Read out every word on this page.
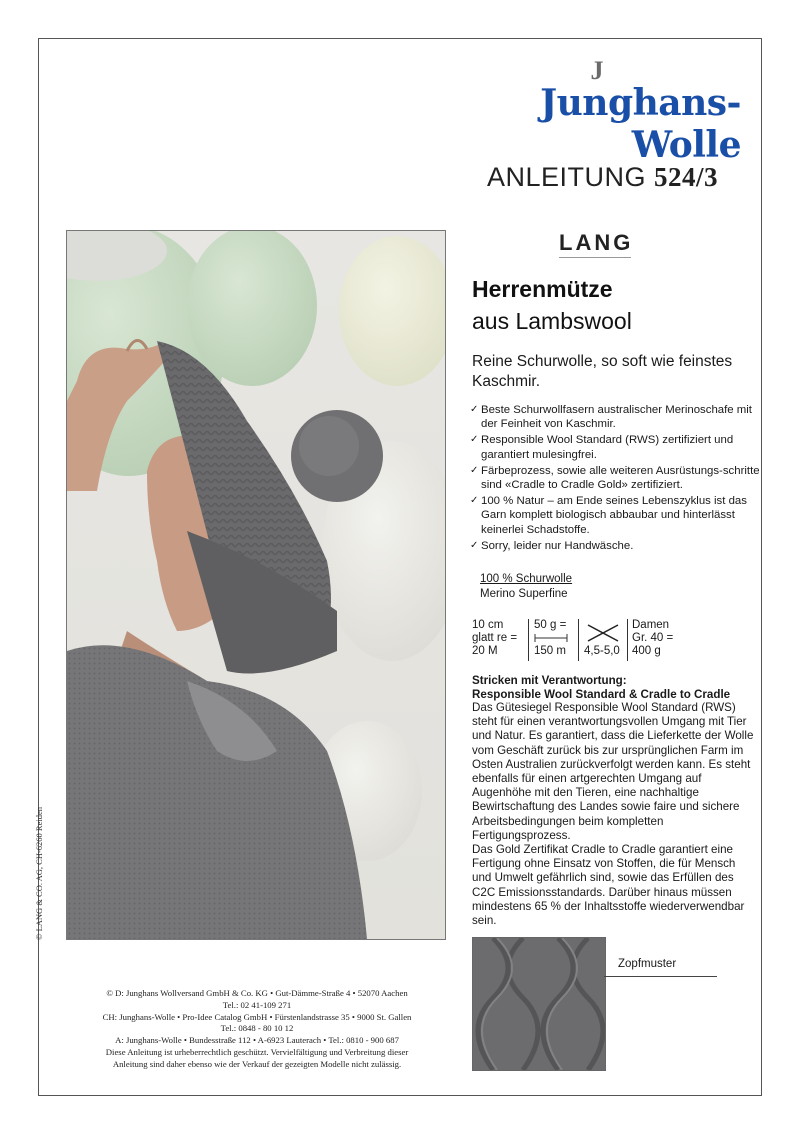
J
Junghans-Wolle
ANLEITUNG 524/3
© LANG & CO. AG, CH-6260 Reiden
LANG
Herrenmütze
aus Lambswool
Reine Schurwolle, so soft wie feinstes Kaschmir.
✓ Beste Schurwollfasern australischer Merinoschafe mit der Feinheit von Kaschmir.
✓ Responsible Wool Standard (RWS) zertifiziert und garantiert mulesingfrei.
✓ Färbeprozess, sowie alle weiteren Ausrüstungs-schritte sind «Cradle to Cradle Gold» zertifiziert.
✓ 100 % Natur – am Ende seines Lebenszyklus ist das Garn komplett biologisch abbaubar und hinterlässt keinerlei Schadstoffe.
✓ Sorry, leider nur Handwäsche.
100 % Schurwolle
Merino Superfine
10 cm
glatt re =
20 M
50 g =
150 m 4,5-5,0
Damen
Gr. 40 =
400 g
Stricken mit Verantwortung:
Responsible Wool Standard & Cradle to Cradle
Das Gütesiegel Responsible Wool Standard (RWS) steht für einen verantwortungsvollen Umgang mit Tier und Natur. Es garantiert, dass die Lieferkette der Wolle vom Geschäft zurück bis zur ursprünglichen Farm im Osten Australien zurückverfolgt werden kann. Es steht ebenfalls für einen artgerechten Umgang auf Augenhöhe mit den Tieren, eine nachhaltige Bewirtschaftung des Landes sowie faire und sichere Arbeitsbedingungen beim kompletten Fertigungsprozess.
Das Gold Zertifikat Cradle to Cradle garantiert eine Fertigung ohne Einsatz von Stoffen, die für Mensch und Umwelt gefährlich sind, sowie das Erfüllen des C2C Emissionsstandards. Darüber hinaus müssen mindestens 65 % der Inhaltsstoffe wiederverwendbar sein.
Zopfmuster
© D: Junghans Wollversand GmbH & Co. KG • Gut-Dämme-Straße 4 • 52070 Aachen
Tel.: 02 41-109 271
CH: Junghans-Wolle • Pro-Idee Catalog GmbH • Fürstenlandstrasse 35 • 9000 St. Gallen
Tel.: 0848 - 80 10 12
A: Junghans-Wolle • Bundesstraße 112 • A-6923 Lauterach • Tel.: 0810 - 900 687
Diese Anleitung ist urheberrechtlich geschützt. Vervielfältigung und Verbreitung dieser
Anleitung sind daher ebenso wie der Verkauf der gezeigten Modelle nicht zulässig.
